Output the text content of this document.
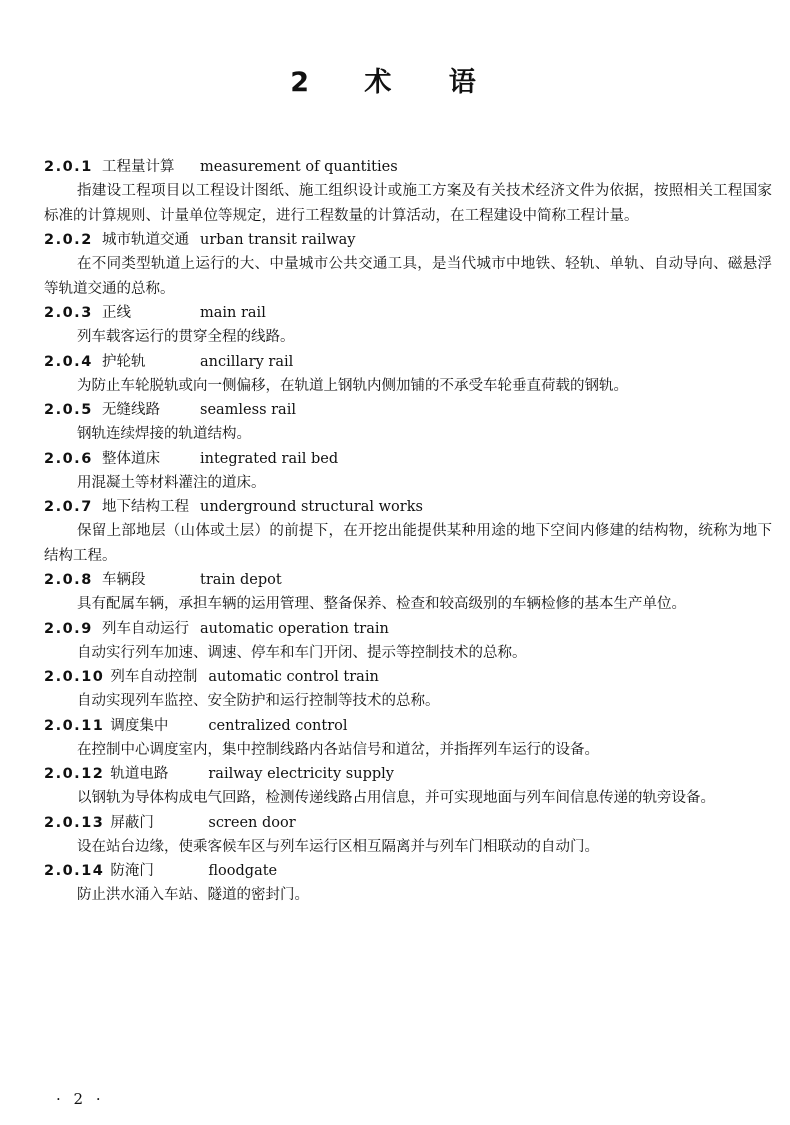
2 术 语
2.0.1 工程量计算 measurement of quantities

指建设工程项目以工程设计图纸、施工组织设计或施工方案及有关技术经济文件为依据，按照相关工程国家标准的计算规则、计量单位等规定，进行工程数量的计算活动，在工程建设中简称工程计量。

2.0.2 城市轨道交通 urban transit railway

在不同类型轨道上运行的大、中量城市公共交通工具，是当代城市中地铁、轻轨、单轨、自动导向、磁悬浮等轨道交通的总称。

2.0.3 正线	main rail

列车载客运行的贯穿全程的线路。

2.0.4 护轮轨	ancillary rail

为防止车轮脱轨或向一侧偏移，在轨道上钢轨内侧加铺的不承受车轮垂直荷载的钢轨。

2.0.5 无缝线路	seamless rail

钢轨连续焊接的轨道结构。

2.0.6 整体道床	integrated rail bed

用混凝土等材料灌注的道床。

2.0.7 地下结构工程 underground structural works

保留上部地层（山体或土层）的前提下，在开挖出能提供某种用途的地下空间内修建的结构物，统称为地下结构工程。

2.0.8 车辆段	train depot

具有配属车辆，承担车辆的运用管理、整备保养、检查和较高级别的车辆检修的基本生产单位。

2.0.9 列车自动运行 automatic operation train

自动实行列车加速、调速、停车和车门开闭、提示等控制技术的总称。

2.0.10 列车自动控制 automatic control train

自动实现列车监控、安全防护和运行控制等技术的总称。

2.0.11 调度集中	centralized control

在控制中心调度室内，集中控制线路内各站信号和道岔，并指挥列车运行的设备。

2.0.12 轨道电路	railway electricity supply

以钢轨为导体构成电气回路，检测传递线路占用信息，并可实现地面与列车间信息传递的轨旁设备。

2.0.13 屏蔽门	screen door

设在站台边缘，使乘客候车区与列车运行区相互隔离并与列车门相联动的自动门。

2.0.14 防淹门	floodgate

防止洪水涌入车站、隧道的密封门。

· 2 ·
